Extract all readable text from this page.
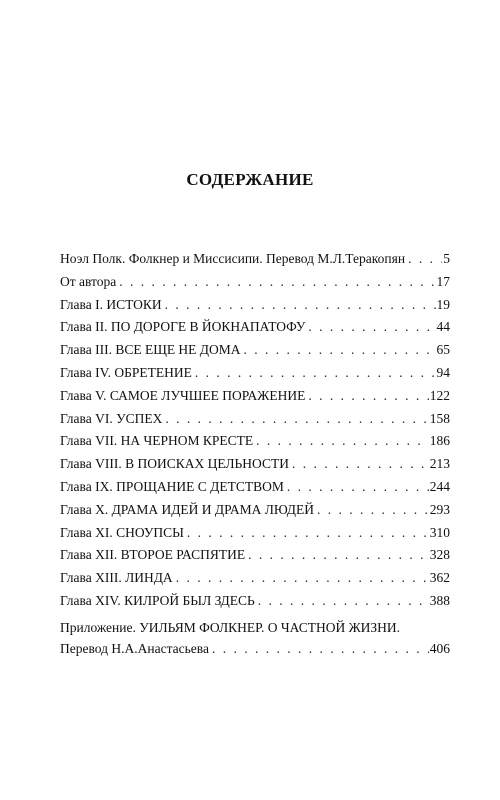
СОДЕРЖАНИЕ
Ноэл Полк. Фолкнер и Миссисипи. Перевод М.Л.Теракопян . . .	5
От автора . . .	17
Глава I. ИСТОКИ . . .	19
Глава II. ПО ДОРОГЕ В ЙОКНАПАТОФУ . . .	44
Глава III. ВСЕ ЕЩЕ НЕ ДОМА . . .	65
Глава IV. ОБРЕТЕНИЕ . . .	94
Глава V. САМОЕ ЛУЧШЕЕ ПОРАЖЕНИЕ . . .	122
Глава VI. УСПЕХ . . .	158
Глава VII. НА ЧЕРНОМ КРЕСТЕ . . .	186
Глава VIII. В ПОИСКАХ ЦЕЛЬНОСТИ . . .	213
Глава IX. ПРОЩАНИЕ С ДЕТСТВОМ . . .	244
Глава X. ДРАМА ИДЕЙ И ДРАМА ЛЮДЕЙ . . .	293
Глава XI. СНОУПСЫ . . .	310
Глава XII. ВТОРОЕ РАСПЯТИЕ . . .	328
Глава XIII. ЛИНДА . . .	362
Глава XIV. КИЛРОЙ БЫЛ ЗДЕСЬ . . .	388
Приложение. УИЛЬЯМ ФОЛКНЕР. О ЧАСТНОЙ ЖИЗНИ.
Перевод Н.А.Анастасьева . . .	406
